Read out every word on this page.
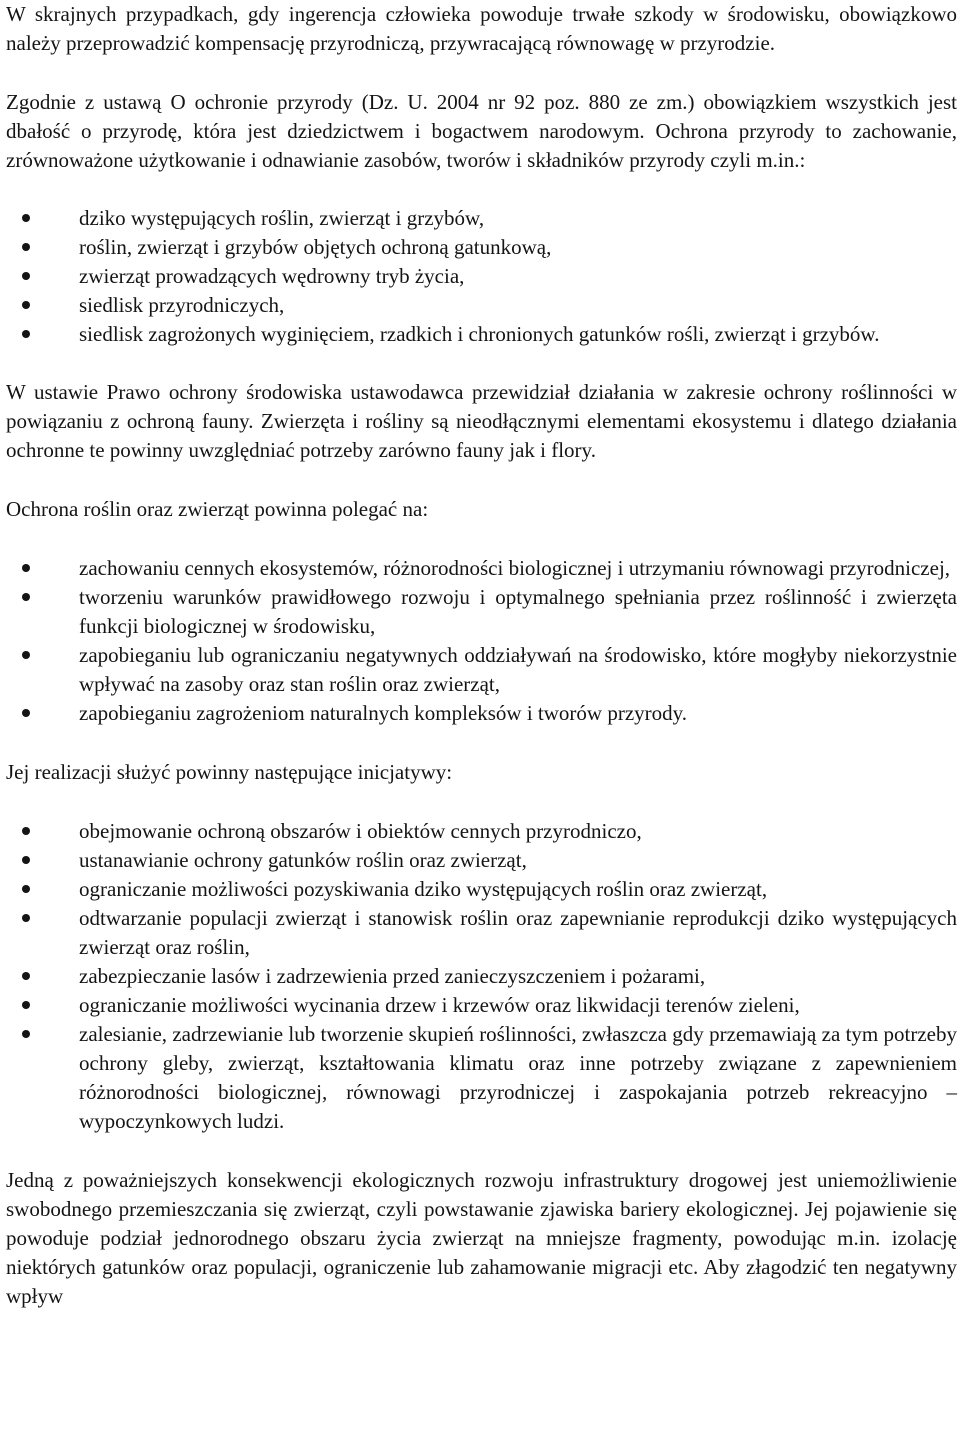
W skrajnych przypadkach, gdy ingerencja człowieka powoduje trwałe szkody w środowisku, obowiązkowo należy przeprowadzić kompensację przyrodniczą, przywracającą równowagę w przyrodzie.

Zgodnie z ustawą O ochronie przyrody (Dz. U. 2004 nr 92 poz. 880 ze zm.) obowiązkiem wszystkich jest dbałość o przyrodę, która jest dziedzictwem i bogactwem narodowym. Ochrona przyrody to zachowanie, zrównoważone użytkowanie i odnawianie zasobów, tworów i składników przyrody czyli m.in.:

dziko występujących roślin, zwierząt i grzybów,
roślin, zwierząt i grzybów objętych ochroną gatunkową,
zwierząt prowadzących wędrowny tryb życia,
siedlisk przyrodniczych,
siedlisk zagrożonych wyginięciem, rzadkich i chronionych gatunków rośli, zwierząt i grzybów.

W ustawie Prawo ochrony środowiska ustawodawca przewidział działania w zakresie ochrony roślinności w powiązaniu z ochroną fauny. Zwierzęta i rośliny są nieodłącznymi elementami ekosystemu i dlatego działania ochronne te powinny uwzględniać potrzeby zarówno fauny jak i flory.

Ochrona roślin oraz zwierząt powinna polegać na:

zachowaniu cennych ekosystemów, różnorodności biologicznej i utrzymaniu równowagi przyrodniczej,
tworzeniu warunków prawidłowego rozwoju i optymalnego spełniania przez roślinność i zwierzęta funkcji biologicznej w środowisku,
zapobieganiu lub ograniczaniu negatywnych oddziaływań na środowisko, które mogłyby niekorzystnie wpływać na zasoby oraz stan roślin oraz zwierząt,
zapobieganiu zagrożeniom naturalnych kompleksów i tworów przyrody.

Jej realizacji służyć powinny następujące inicjatywy:

obejmowanie ochroną obszarów i obiektów cennych przyrodniczo,
ustanawianie ochrony gatunków roślin oraz zwierząt,
ograniczanie możliwości pozyskiwania dziko występujących roślin oraz zwierząt,
odtwarzanie populacji zwierząt i stanowisk roślin oraz zapewnianie reprodukcji dziko występujących zwierząt oraz roślin,
zabezpieczanie lasów i zadrzewienia przed zanieczyszczeniem i pożarami,
ograniczanie możliwości wycinania drzew i krzewów oraz likwidacji terenów zieleni,
zalesianie, zadrzewianie lub tworzenie skupień roślinności, zwłaszcza gdy przemawiają za tym potrzeby ochrony gleby, zwierząt, kształtowania klimatu oraz inne potrzeby związane z zapewnieniem różnorodności biologicznej, równowagi przyrodniczej i zaspokajania potrzeb rekreacyjno – wypoczynkowych ludzi.

Jedną z poważniejszych konsekwencji ekologicznych rozwoju infrastruktury drogowej jest uniemożliwienie swobodnego przemieszczania się zwierząt, czyli powstawanie zjawiska bariery ekologicznej. Jej pojawienie się powoduje podział jednorodnego obszaru życia zwierząt na mniejsze fragmenty, powodując m.in. izolację niektórych gatunków oraz populacji, ograniczenie lub zahamowanie migracji etc. Aby złagodzić ten negatywny wpływ
